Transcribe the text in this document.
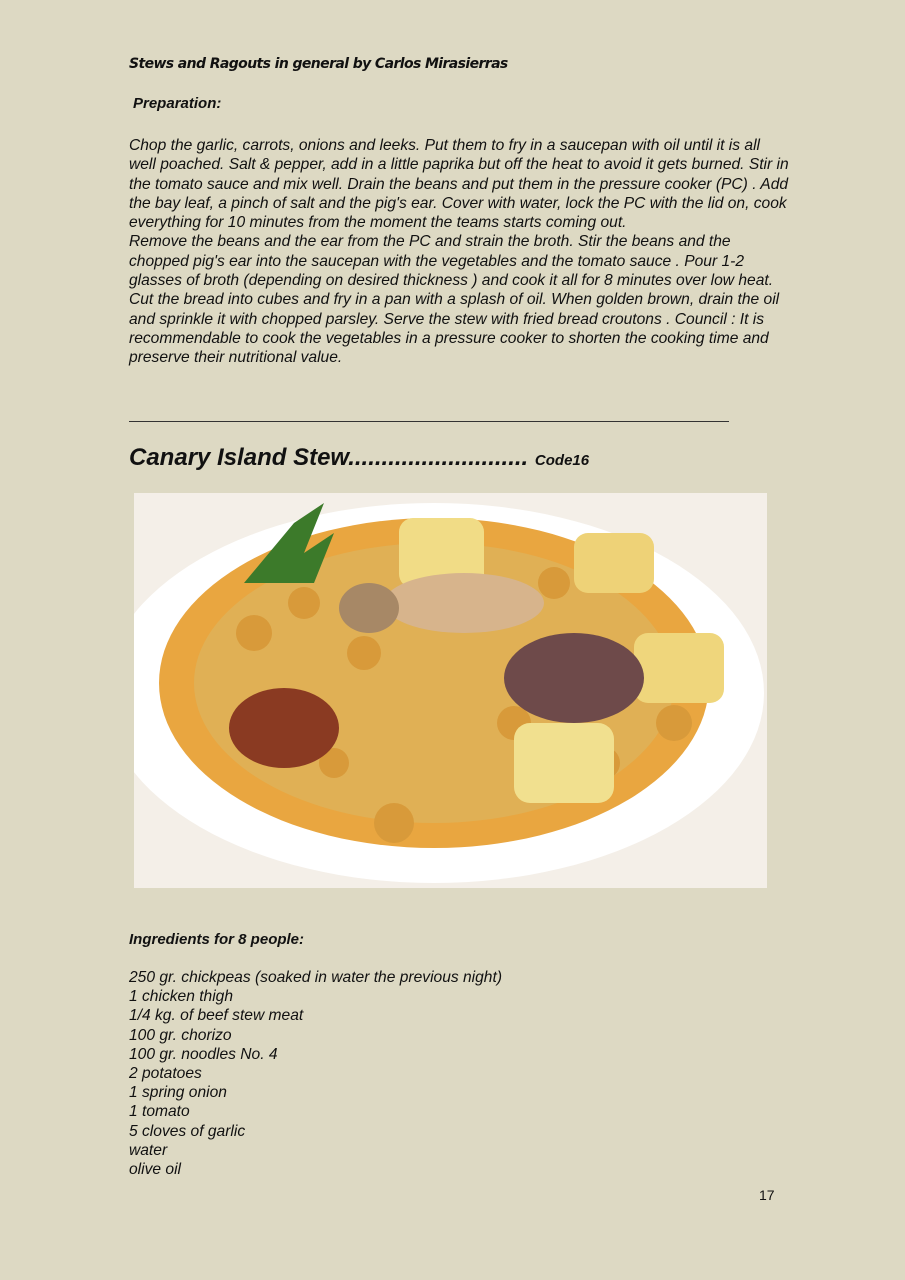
Stews and Ragouts in general by Carlos Mirasierras
Preparation:

Chop the garlic, carrots, onions and leeks. Put them to fry in a saucepan with oil until it is all well poached. Salt & pepper, add in a little paprika but off the heat to avoid it gets burned. Stir in the tomato sauce and mix well. Drain the beans and put them in the pressure cooker (PC) . Add the bay leaf, a pinch of salt and the pig's ear. Cover with water, lock the PC with the lid on, cook everything for 10 minutes from the moment the teams starts coming out.

Remove the beans and the ear from the PC and strain the broth. Stir the beans and the chopped pig's ear into the saucepan with the vegetables and the tomato sauce . Pour 1-2 glasses of broth (depending on desired thickness ) and cook it all for 8 minutes over low heat.

Cut the bread into cubes and fry in a pan with a splash of oil. When golden brown, drain the oil and sprinkle it with chopped parsley. Serve the stew with fried bread croutons . Council : It is recommendable to cook the vegetables in a pressure cooker to shorten the cooking time and preserve their nutritional value.

Canary Island Stew........................... Code16
Ingredients for 8 people:
250 gr. chickpeas (soaked in water the previous night)
1 chicken thigh
1/4 kg. of beef stew meat
100 gr. chorizo
100 gr. noodles No. 4
2 potatoes
1 spring onion
1 tomato
5 cloves of garlic
water
olive oil
17
